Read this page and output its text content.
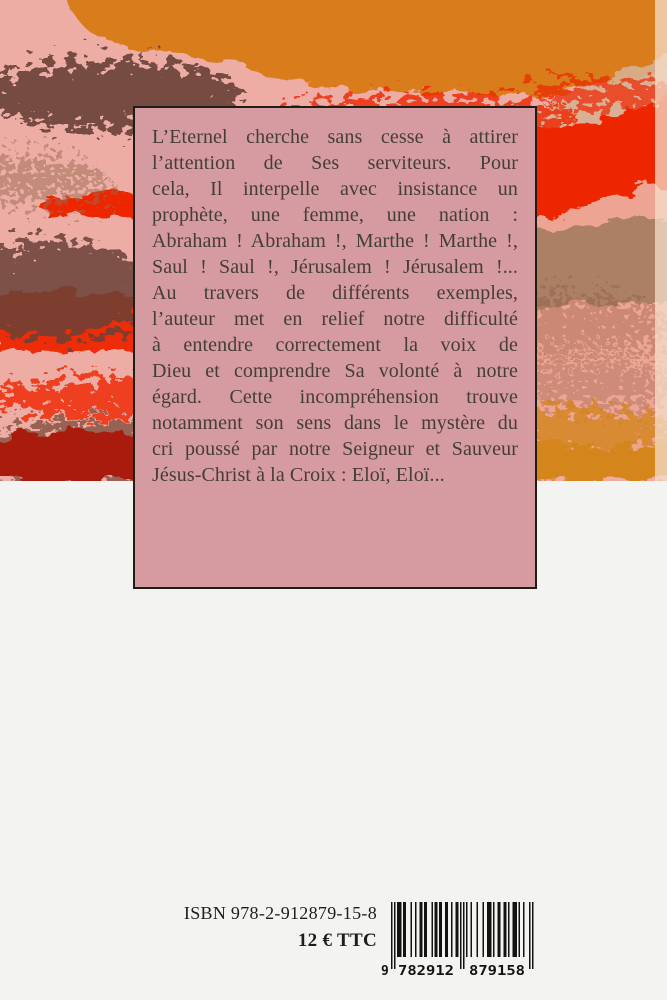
L’Eternel cherche sans cesse à attirer
l’attention de Ses serviteurs. Pour
cela, Il interpelle avec insistance un
prophète, une femme, une nation :
Abraham ! Abraham !, Marthe ! Marthe !,
Saul ! Saul !, Jérusalem ! Jérusalem !...
Au travers de différents exemples,
l’auteur met en relief notre difficulté
à entendre correctement la voix de
Dieu et comprendre Sa volonté à notre
égard. Cette incompréhension trouve
notamment son sens dans le mystère du
cri poussé par notre Seigneur et Sauveur
Jésus-Christ à la Croix : Eloï, Eloï...
ISBN 978-2-912879-15-8
12 € TTC
9 782912 879158
